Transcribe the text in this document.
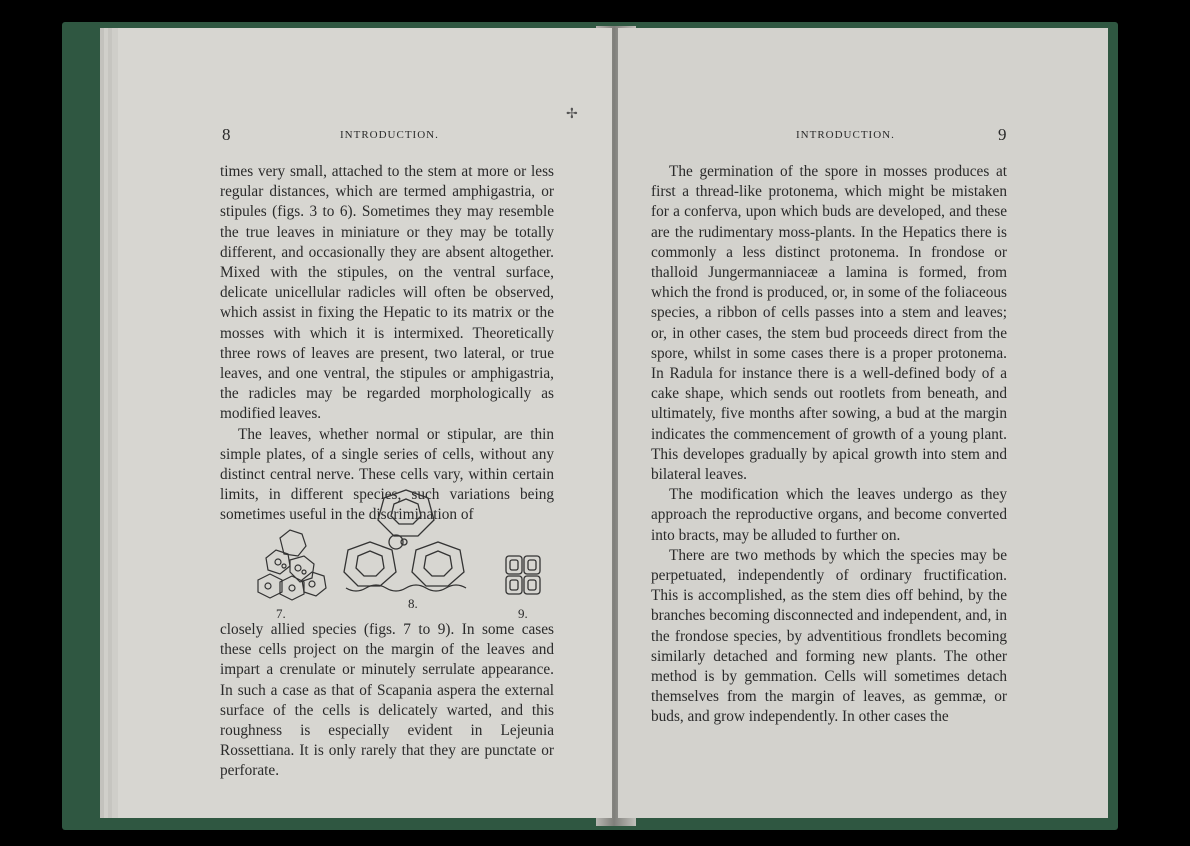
8	INTRODUCTION.
✢

times very small, attached to the stem at more or less regular distances, which are termed amphigastria, or stipules (figs. 3 to 6). Sometimes they may resemble the true leaves in miniature or they may be totally different, and occasionally they are absent altogether. Mixed with the stipules, on the ventral surface, delicate unicellular radicles will often be observed, which assist in fixing the Hepatic to its matrix or the mosses with which it is intermixed. Theoretically three rows of leaves are present, two lateral, or true leaves, and one ventral, the stipules or amphigastria, the radicles may be regarded morphologically as modified leaves.

The leaves, whether normal or stipular, are thin simple plates, of a single series of cells, without any distinct central nerve. These cells vary, within certain limits, in different species, such variations being sometimes useful in the discrimination of

7.
8.
9.

closely allied species (figs. 7 to 9). In some cases these cells project on the margin of the leaves and impart a crenulate or minutely serrulate appearance. In such a case as that of Scapania aspera the external surface of the cells is delicately warted, and this roughness is especially evident in Lejeunia Rossettiana. It is only rarely that they are punctate or perforate.

INTRODUCTION.	9

The germination of the spore in mosses produces at first a thread-like protonema, which might be mistaken for a conferva, upon which buds are developed, and these are the rudimentary moss-plants. In the Hepatics there is commonly a less distinct protonema. In frondose or thalloid Jungermanniaceæ a lamina is formed, from which the frond is produced, or, in some of the foliaceous species, a ribbon of cells passes into a stem and leaves; or, in other cases, the stem bud proceeds direct from the spore, whilst in some cases there is a proper protonema. In Radula for instance there is a well-defined body of a cake shape, which sends out rootlets from beneath, and ultimately, five months after sowing, a bud at the margin indicates the commencement of growth of a young plant. This developes gradually by apical growth into stem and bilateral leaves.

The modification which the leaves undergo as they approach the reproductive organs, and become converted into bracts, may be alluded to further on.

There are two methods by which the species may be perpetuated, independently of ordinary fructification. This is accomplished, as the stem dies off behind, by the branches becoming disconnected and independent, and, in the frondose species, by adventitious frondlets becoming similarly detached and forming new plants. The other method is by gemmation. Cells will sometimes detach themselves from the margin of leaves, as gemmæ, or buds, and grow independently. In other cases the
